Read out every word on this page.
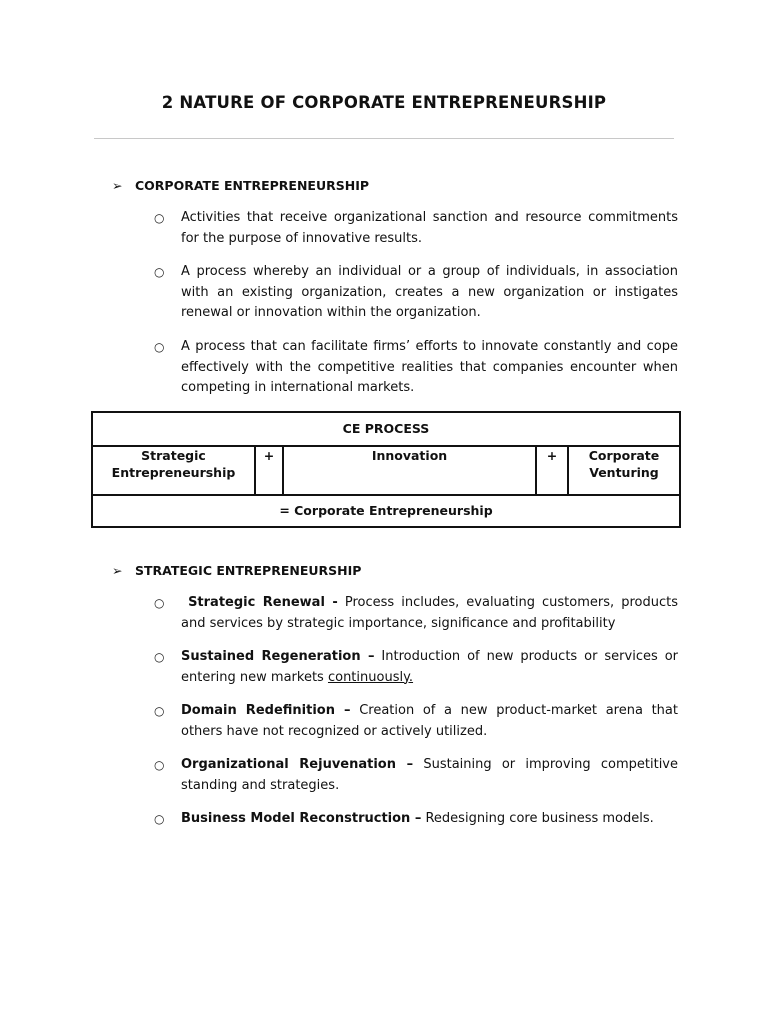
2 NATURE OF CORPORATE ENTREPRENEURSHIP
➢ CORPORATE ENTREPRENEURSHIP
○ Activities that receive organizational sanction and resource commitments for the purpose of innovative results.
○ A process whereby an individual or a group of individuals, in association with an existing organization, creates a new organization or instigates renewal or innovation within the organization.
○ A process that can facilitate firms’ efforts to innovate constantly and cope effectively with the competitive realities that companies encounter when competing in international markets.
CE PROCESS
Strategic Entrepreneurship	+	Innovation	+	Corporate Venturing
= Corporate Entrepreneurship
➢ STRATEGIC ENTREPRENEURSHIP
○	Strategic Renewal - Process includes, evaluating customers, products and services by strategic importance, significance and profitability
○ Sustained Regeneration – Introduction of new products or services or entering new markets continuously.
○ Domain Redefinition – Creation of a new product-market arena that others have not recognized or actively utilized.
○ Organizational Rejuvenation – Sustaining or improving competitive standing and strategies.
○ Business Model Reconstruction – Redesigning core business models.
